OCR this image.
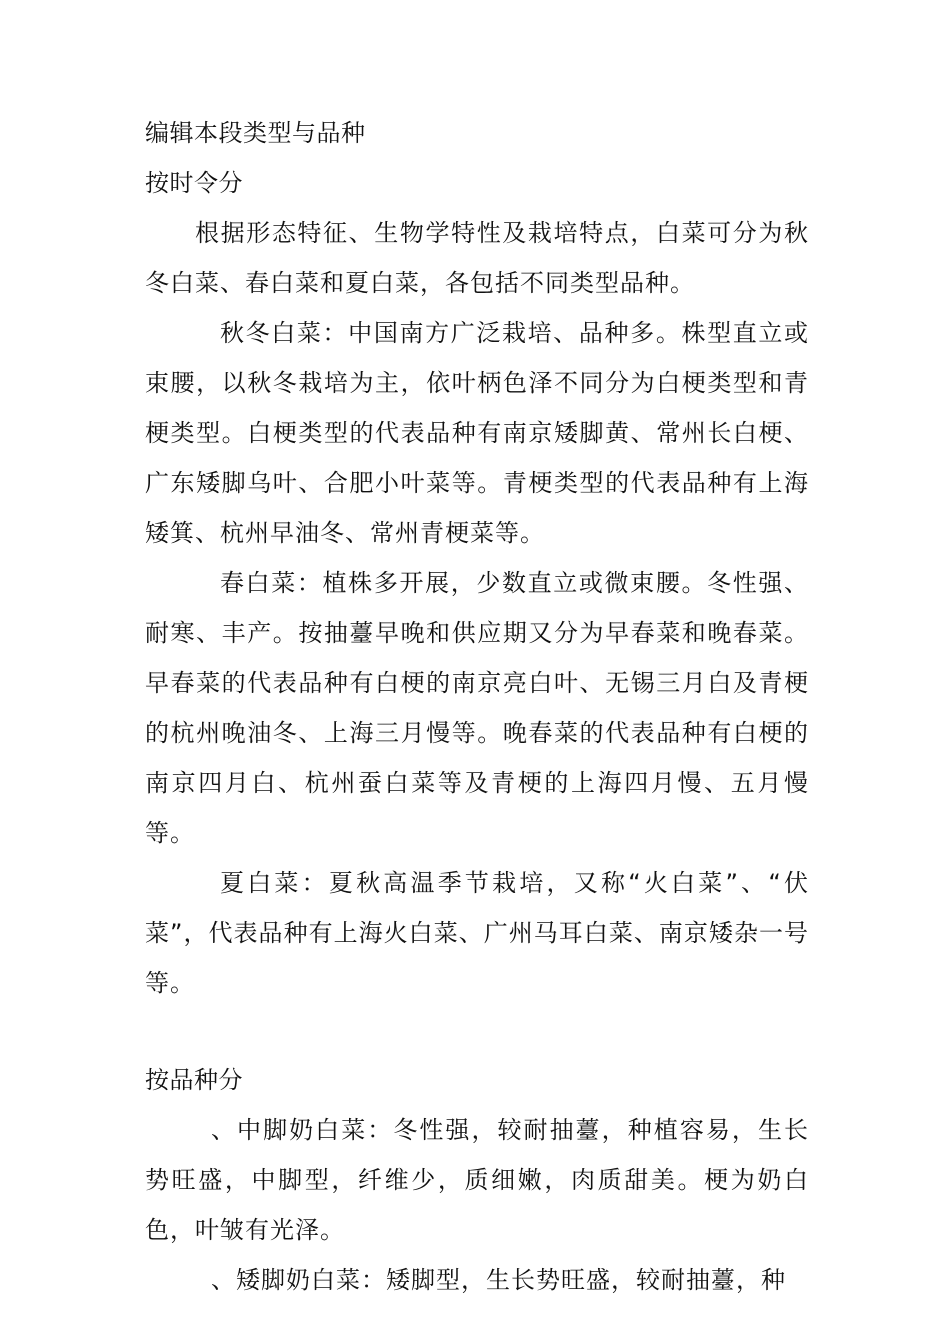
编辑本段类型与品种

按时令分

根据形态特征、生物学特性及栽培特点，白菜可分为秋冬白菜、春白菜和夏白菜，各包括不同类型品种。

秋冬白菜：中国南方广泛栽培、品种多。株型直立或束腰，以秋冬栽培为主，依叶柄色泽不同分为白梗类型和青梗类型。白梗类型的代表品种有南京矮脚黄、常州长白梗、广东矮脚乌叶、合肥小叶菜等。青梗类型的代表品种有上海矮箕、杭州早油冬、常州青梗菜等。

春白菜：植株多开展，少数直立或微束腰。冬性强、耐寒、丰产。按抽薹早晚和供应期又分为早春菜和晚春菜。早春菜的代表品种有白梗的南京亮白叶、无锡三月白及青梗的杭州晚油冬、上海三月慢等。晚春菜的代表品种有白梗的南京四月白、杭州蚕白菜等及青梗的上海四月慢、五月慢等。

夏白菜：夏秋高温季节栽培，又称“火白菜”、“伏菜”，代表品种有上海火白菜、广州马耳白菜、南京矮杂一号等。

按品种分

、中脚奶白菜：冬性强，较耐抽薹，种植容易，生长势旺盛，中脚型，纤维少，质细嫩，肉质甜美。梗为奶白色，叶皱有光泽。

、矮脚奶白菜：矮脚型，生长势旺盛，较耐抽薹，种
